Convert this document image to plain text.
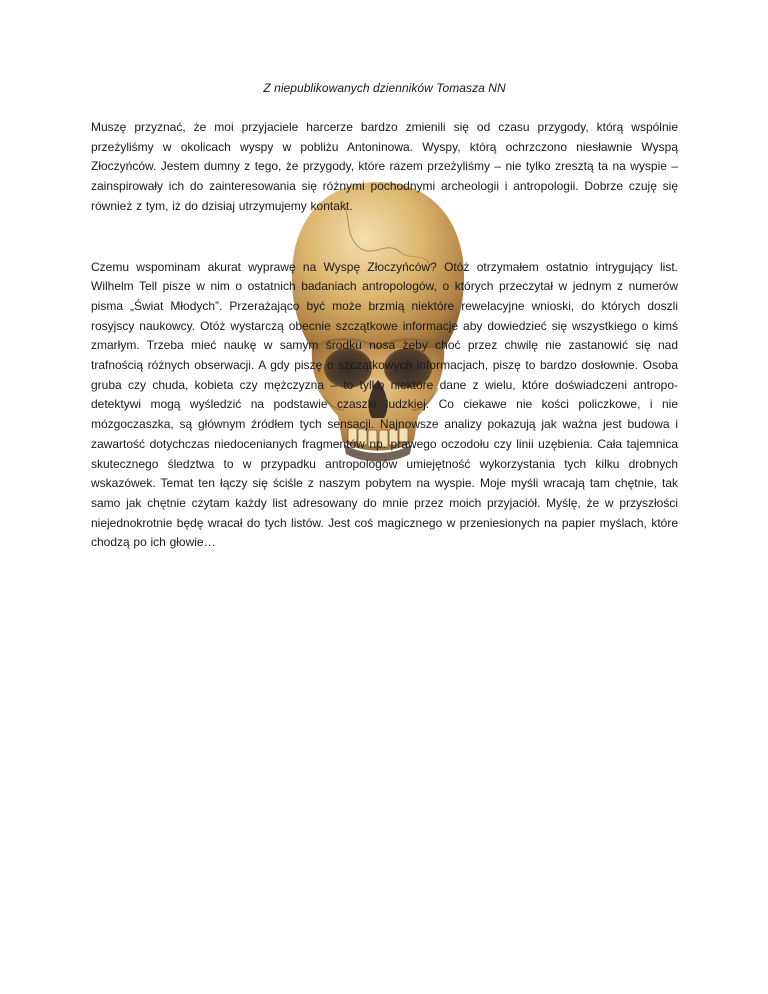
Z niepublikowanych dzienników Tomasza NN

Muszę przyznać, że moi przyjaciele harcerze bardzo zmienili się od czasu przygody, którą wspólnie przeżyliśmy w okolicach wyspy w pobliżu Antoninowa. Wyspy, którą ochrzczono niesławnie Wyspą Złoczyńców. Jestem dumny z tego, że przygody, które razem przeżyliśmy – nie tylko zresztą ta na wyspie – zainspirowały ich do zainteresowania się różnymi pochodnymi archeologii i antropologii. Dobrze czuję się również z tym, iż do dzisiaj utrzymujemy kontakt.

Czemu wspominam akurat wyprawę na Wyspę Złoczyńców? Otóż otrzymałem ostatnio intrygujący list. Wilhelm Tell pisze w nim o ostatnich badaniach antropologów, o których przeczytał w jednym z numerów pisma „Świat Młodych”. Przerażająco być może brzmią niektóre rewelacyjne wnioski, do których doszli rosyjscy naukowcy. Otóż wystarczą obecnie szczątkowe informacje aby dowiedzieć się wszystkiego o kimś zmarłym. Trzeba mieć naukę w samym środku nosa żeby choć przez chwilę nie zastanowić się nad trafnością różnych obserwacji. A gdy piszę o szczątkowych informacjach, piszę to bardzo dosłownie. Osoba gruba czy chuda, kobieta czy mężczyzna – to tylko niektóre dane z wielu, które doświadczeni antropo-detektywi mogą wyśledzić na podstawie czaszki ludzkiej. Co ciekawe nie kości policzkowe, i nie mózgoczaszka, są głównym źródłem tych sensacji. Najnowsze analizy pokazują jak ważna jest budowa i zawartość dotychczas niedocenianych fragmentów np. prawego oczodołu czy linii uzębienia. Cała tajemnica skutecznego śledztwa to w przypadku antropologów umiejętność wykorzystania tych kilku drobnych wskazówek. Temat ten łączy się ściśle z naszym pobytem na wyspie. Moje myśli wracają tam chętnie, tak samo jak chętnie czytam każdy list adresowany do mnie przez moich przyjaciół. Myślę, że w przyszłości niejednokrotnie będę wracał do tych listów. Jest coś magicznego w przeniesionych na papier myślach, które chodzą po ich głowie…
